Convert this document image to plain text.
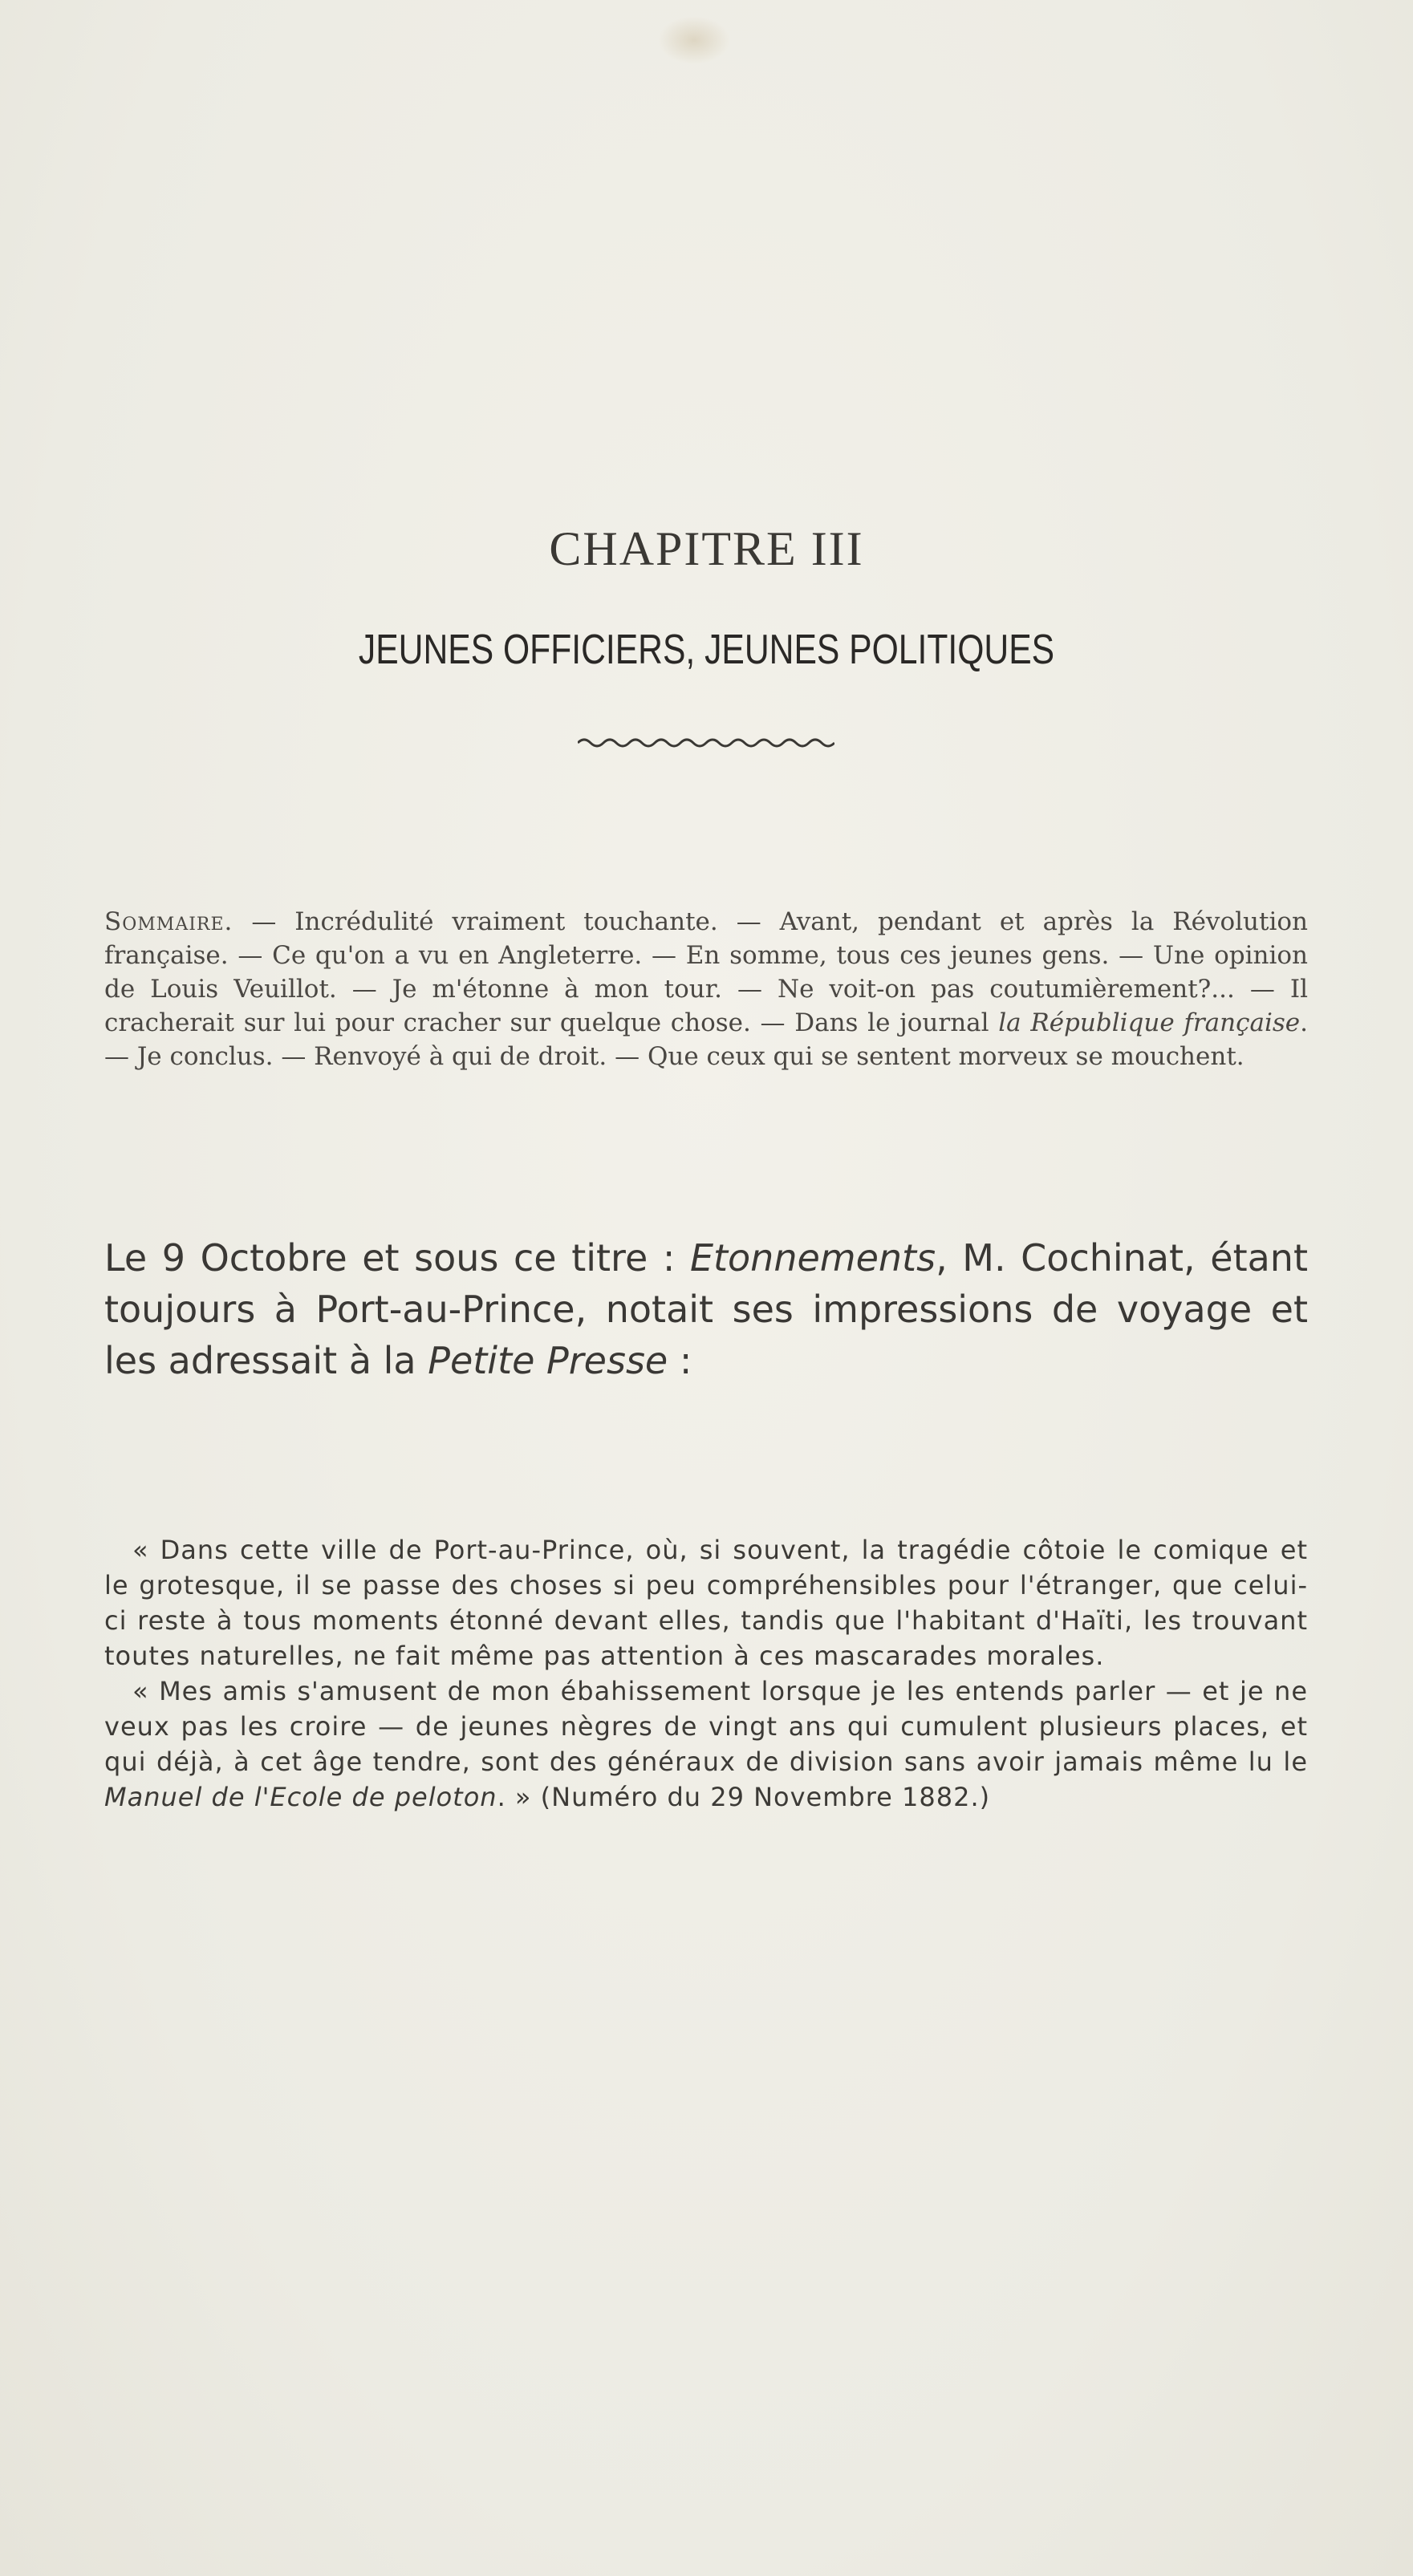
CHAPITRE III
JEUNES OFFICIERS, JEUNES POLITIQUES
Sommaire. — Incrédulité vraiment touchante. — Avant, pendant et après la Révolution française. — Ce qu'on a vu en Angleterre. — En somme, tous ces jeunes gens. — Une opinion de Louis Veuillot. — Je m'étonne à mon tour. — Ne voit-on pas coutumièrement?... — Il cracherait sur lui pour cracher sur quelque chose. — Dans le journal la République française. — Je conclus. — Renvoyé à qui de droit. — Que ceux qui se sentent morveux se mouchent.
Le 9 Octobre et sous ce titre : Etonnements, M. Cochinat, étant toujours à Port-au-Prince, notait ses impressions de voyage et les adressait à la Petite Presse :

« Dans cette ville de Port-au-Prince, où, si souvent, la tragédie côtoie le comique et le grotesque, il se passe des choses si peu compréhensibles pour l'étranger, que celui-ci reste à tous moments étonné devant elles, tandis que l'habitant d'Haïti, les trouvant toutes naturelles, ne fait même pas attention à ces mascarades morales.

« Mes amis s'amusent de mon ébahissement lorsque je les entends parler — et je ne veux pas les croire — de jeunes nègres de vingt ans qui cumulent plusieurs places, et qui déjà, à cet âge tendre, sont des généraux de division sans avoir jamais même lu le Manuel de l'Ecole de peloton. » (Numéro du 29 Novembre 1882.)
